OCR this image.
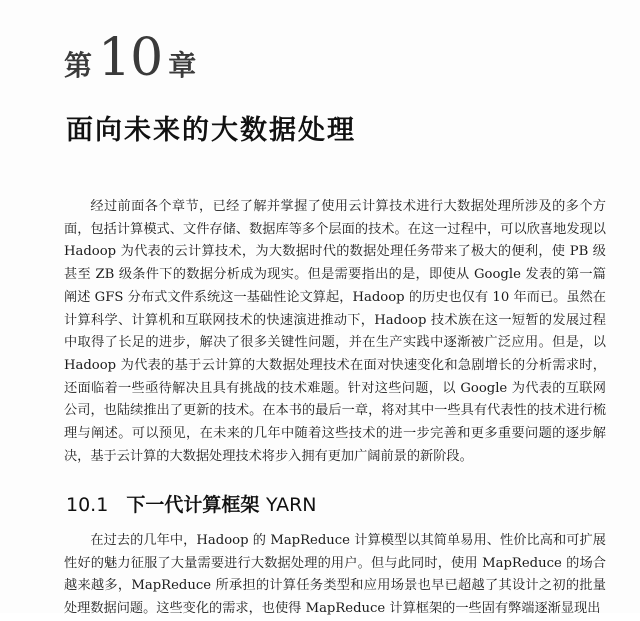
第 10 章
面向未来的大数据处理

经过前面各个章节，已经了解并掌握了使用云计算技术进行大数据处理所涉及的多个方面，包括计算模式、文件存储、数据库等多个层面的技术。在这一过程中，可以欣喜地发现以 Hadoop 为代表的云计算技术，为大数据时代的数据处理任务带来了极大的便利，使 PB 级甚至 ZB 级条件下的数据分析成为现实。但是需要指出的是，即使从 Google 发表的第一篇阐述 GFS 分布式文件系统这一基础性论文算起，Hadoop 的历史也仅有 10 年而已。虽然在计算科学、计算机和互联网技术的快速演进推动下，Hadoop 技术族在这一短暂的发展过程中取得了长足的进步，解决了很多关键性问题，并在生产实践中逐渐被广泛应用。但是，以 Hadoop 为代表的基于云计算的大数据处理技术在面对快速变化和急剧增长的分析需求时，还面临着一些亟待解决且具有挑战的技术难题。针对这些问题，以 Google 为代表的互联网公司，也陆续推出了更新的技术。在本书的最后一章，将对其中一些具有代表性的技术进行梳理与阐述。可以预见，在未来的几年中随着这些技术的进一步完善和更多重要问题的逐步解决，基于云计算的大数据处理技术将步入拥有更加广阔前景的新阶段。

10.1 下一代计算框架 YARN

在过去的几年中，Hadoop 的 MapReduce 计算模型以其简单易用、性价比高和可扩展性好的魅力征服了大量需要进行大数据处理的用户。但与此同时，使用 MapReduce 的场合越来越多，MapReduce 所承担的计算任务类型和应用场景也早已超越了其设计之初的批量处理数据问题。这些变化的需求，也使得 MapReduce 计算框架的一些固有弊端逐渐显现出
